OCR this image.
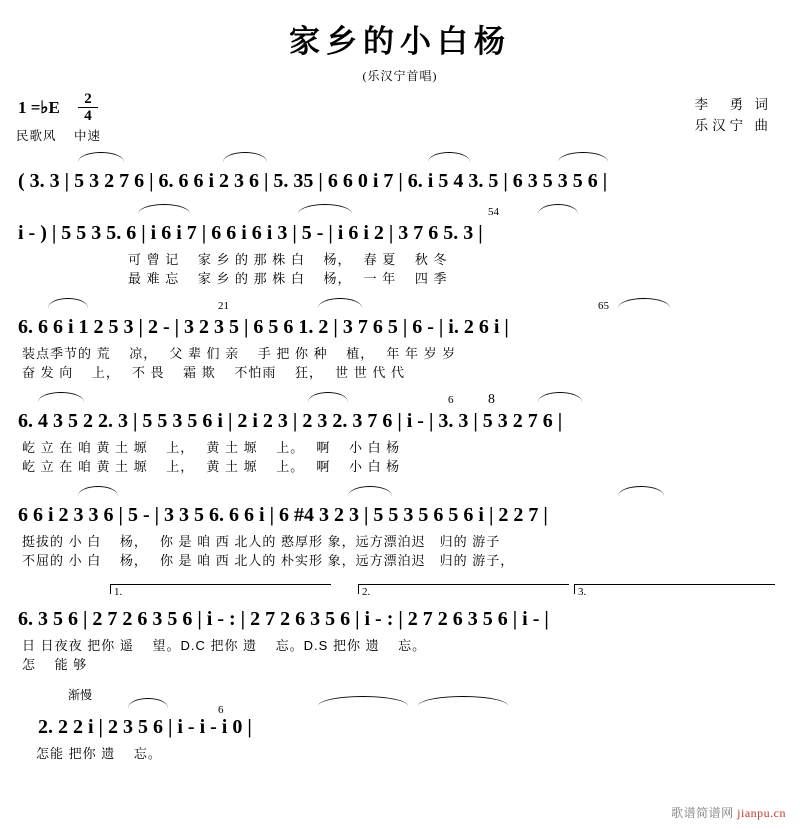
家乡的小白杨
(乐汉宁首唱)
1 =♭E $\frac{2}{4}$
民歌风 中速
李　勇 词
乐汉宁 曲
( 3. 3 | 5 3 2 7 6 | 6. 6 6 i 2 3 6 | 5. 35 | 6 6 0 i 7 | 6. i 5 4 3. 5 | 6 3 5 3 5 6 |
54
i - ) | 5 5 3 5. 6 | i 6 i 7 | 6 6 i 6 i 3 | 5 - | i 6 i 2 | 3 7 6 5. 3 |
可 曾 记　 家 乡 的 那 株 白　 杨，　 春 夏　 秋 冬
最 难 忘　 家 乡 的 那 株 白　 杨，　 一 年　 四 季
21	65
6. 6 6 i 1 2 5 3 | 2 - | 3 2 3 5 | 6 5 6 1. 2 | 3 7 6 5 | 6 - | i. 2 6 i |
装点季节的 荒　 凉，　 父 辈 们 亲　 手 把 你 种　 植，　 年 年 岁 岁
奋 发 向　 上，　 不 畏　 霜 欺　 不怕雨　 狂，　 世 世 代 代
6 8
6. 4 3 5 2 2. 3 | 5 5 3 5 6 i | 2 i 2 3 | 2 3 2. 3 7 6 | i - | 3. 3 | 5 3 2 7 6 |
屹 立 在 咱 黄 土 塬　 上，　 黄 土 塬　 上。　 啊　 小 白 杨
屹 立 在 咱 黄 土 塬　 上，　 黄 土 塬　 上。　 啊　 小 白 杨
6 6 i 2 3 3 6 | 5 - | 3 3 5 6. 6 6 i | 6 #4 3 2 3 | 5 5 3 5 6 5 6 i | 2 2 7 |
挺拔的 小 白　 杨，　 你 是 咱 西 北人的 憨厚形 象，远方漂泊迟　归的 游子
不屈的 小 白　 杨，　 你 是 咱 西 北人的 朴实形 象，远方漂泊迟　归的 游子，
1.	2.	3.
6. 3 5 6 | 2 7 2 6 3 5 6 | i - : | 2 7 2 6 3 5 6 | i - : | 2 7 2 6 3 5 6 | i - |
日 日夜夜 把你 遥　 望。D.C 把你 遗　 忘。D.S 把你 遗　 忘。
怎　 能 够
渐慢
6
2. 2 2 i | 2 3 5 6 | i - i - i 0 |
怎能 把你 遗　 忘。
歌谱简谱网 jianpu.cn
